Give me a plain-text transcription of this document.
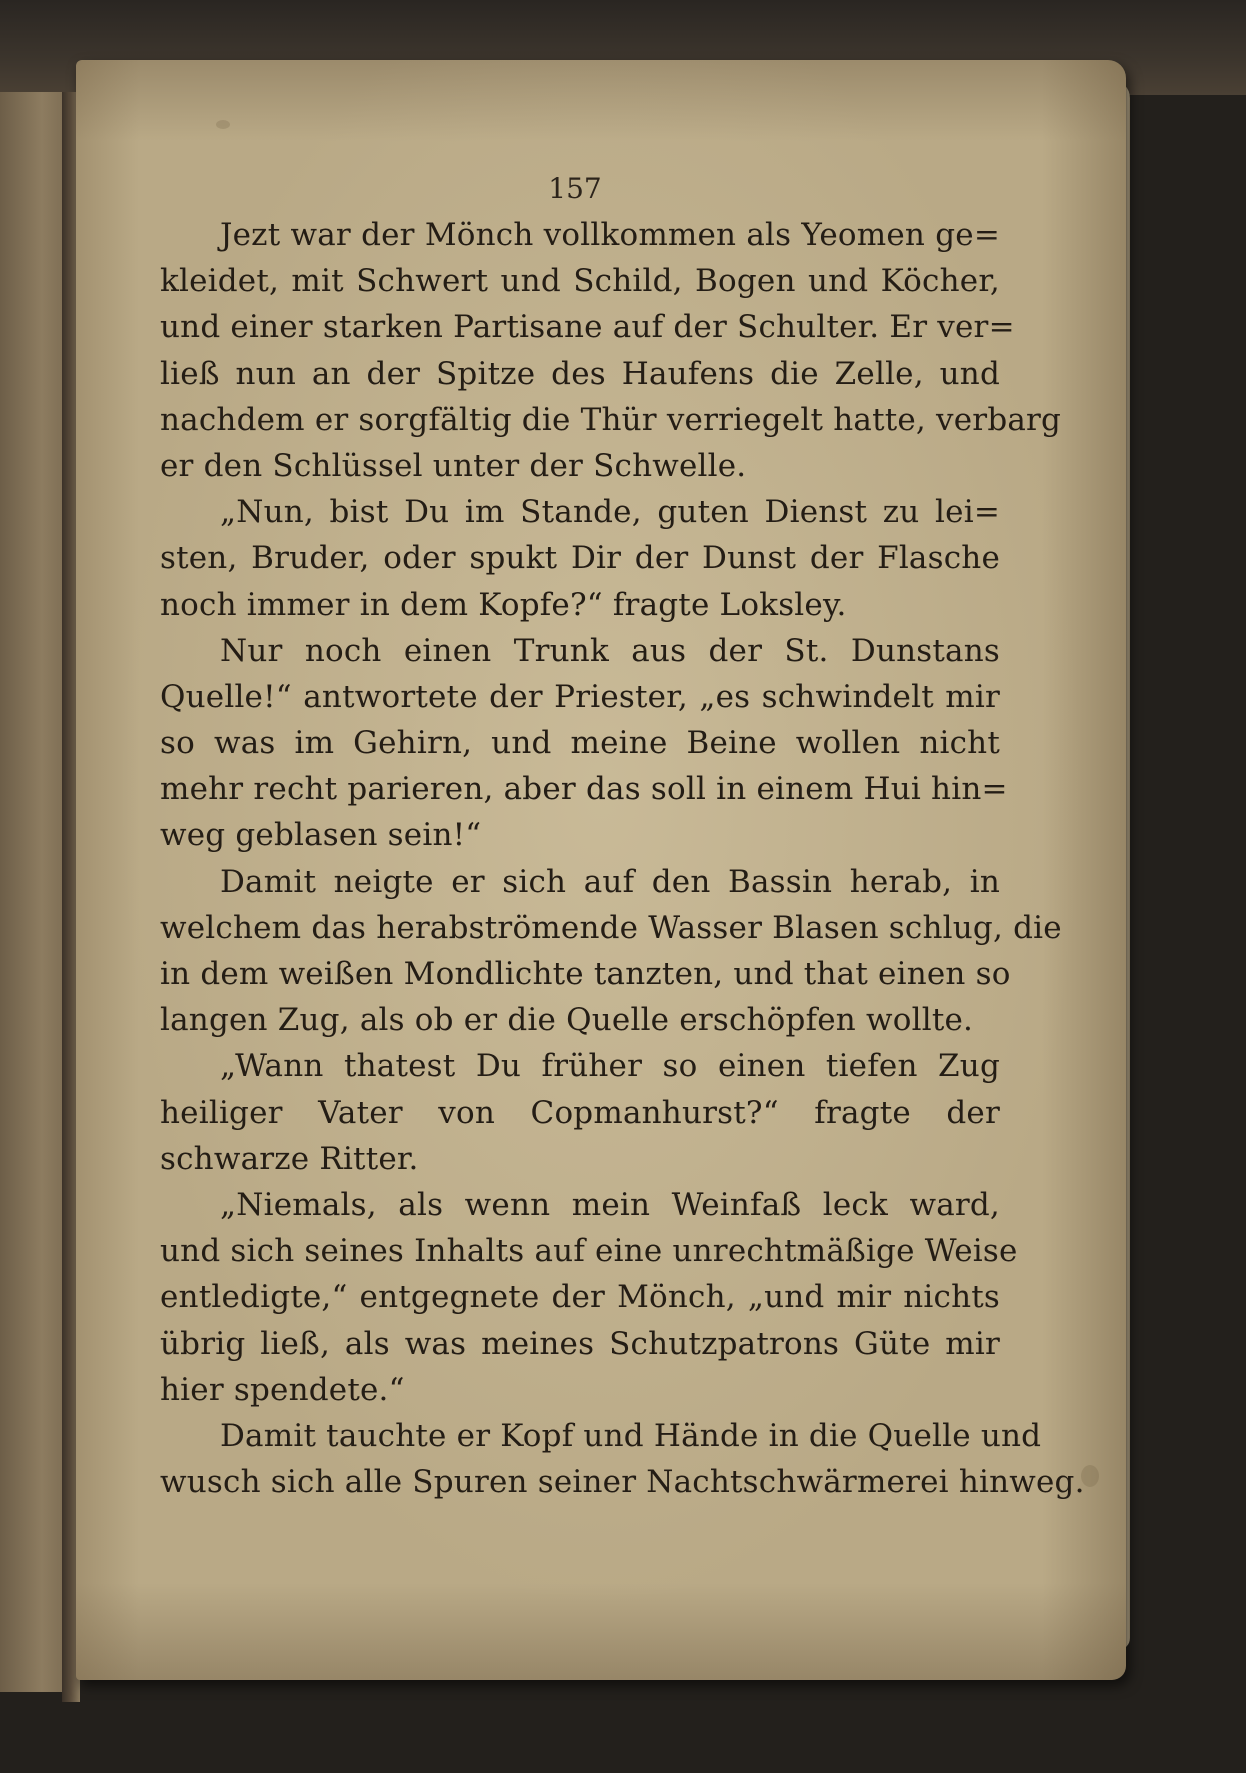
157
Jezt war der Mönch vollkommen als Yeomen ge=
kleidet, mit Schwert und Schild, Bogen und Köcher,
und einer starken Partisane auf der Schulter. Er ver=
ließ nun an der Spitze des Haufens die Zelle, und
nachdem er sorgfältig die Thür verriegelt hatte, verbarg
er den Schlüssel unter der Schwelle.
„Nun, bist Du im Stande, guten Dienst zu lei=
sten, Bruder, oder spukt Dir der Dunst der Flasche
noch immer in dem Kopfe?“ fragte Loksley.
Nur noch einen Trunk aus der St. Dunstans
Quelle!“ antwortete der Priester, „es schwindelt mir
so was im Gehirn, und meine Beine wollen nicht
mehr recht parieren, aber das soll in einem Hui hin=
weg geblasen sein!“
Damit neigte er sich auf den Bassin herab, in
welchem das herabströmende Wasser Blasen schlug, die
in dem weißen Mondlichte tanzten, und that einen so
langen Zug, als ob er die Quelle erschöpfen wollte.
„Wann thatest Du früher so einen tiefen Zug
heiliger Vater von Copmanhurst?“ fragte der
schwarze Ritter.
„Niemals, als wenn mein Weinfaß leck ward,
und sich seines Inhalts auf eine unrechtmäßige Weise
entledigte,“ entgegnete der Mönch, „und mir nichts
übrig ließ, als was meines Schutzpatrons Güte mir
hier spendete.“
Damit tauchte er Kopf und Hände in die Quelle und
wusch sich alle Spuren seiner Nachtschwärmerei hinweg.
